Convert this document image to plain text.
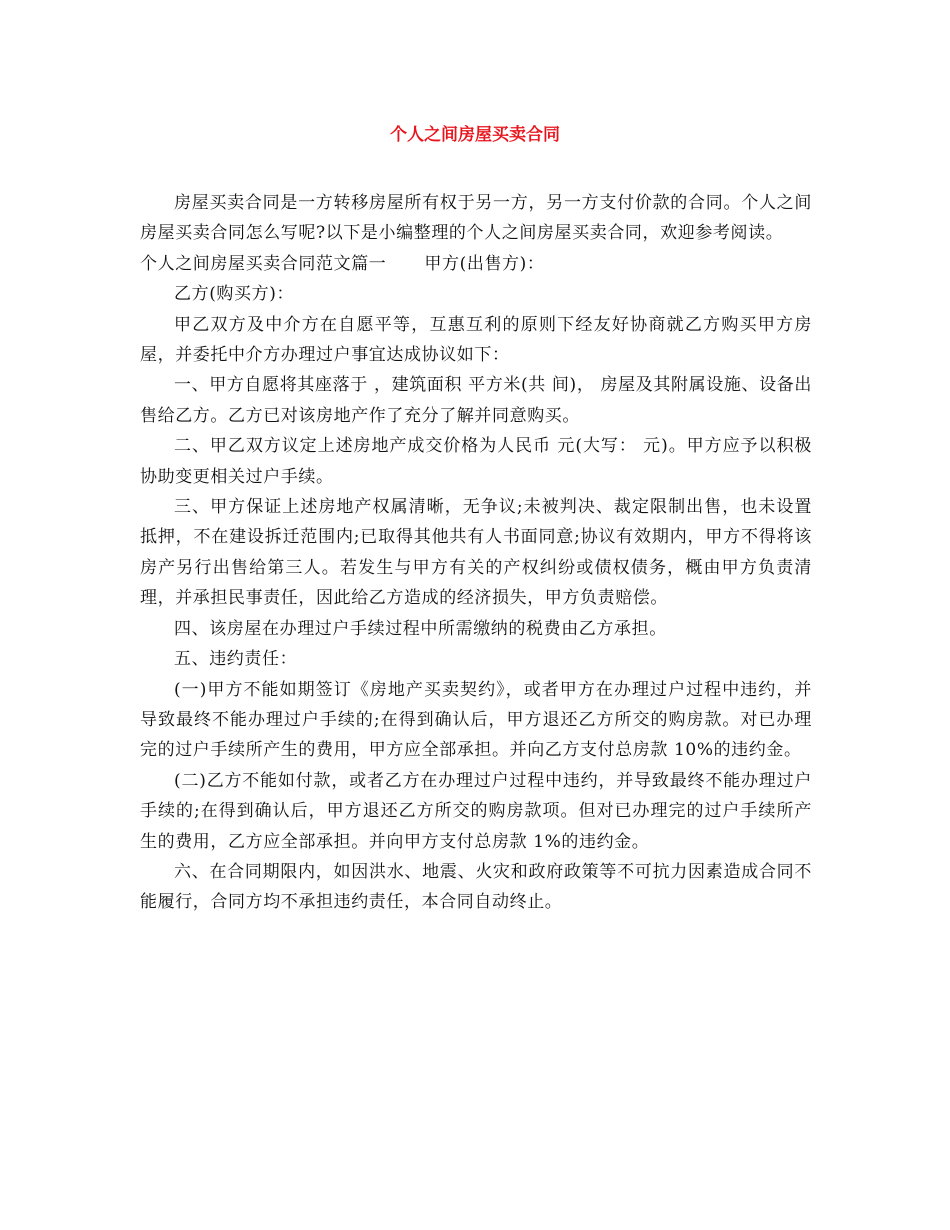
个人之间房屋买卖合同

房屋买卖合同是一方转移房屋所有权于另一方，另一方支付价款的合同。个人之间房屋买卖合同怎么写呢?以下是小编整理的个人之间房屋买卖合同，欢迎参考阅读。

个人之间房屋买卖合同范文篇一 甲方(出售方)：

乙方(购买方)：

甲乙双方及中介方在自愿平等，互惠互利的原则下经友好协商就乙方购买甲方房屋，并委托中介方办理过户事宜达成协议如下：

一、甲方自愿将其座落于 ，建筑面积 平方米(共 间)， 房屋及其附属设施、设备出售给乙方。乙方已对该房地产作了充分了解并同意购买。

二、甲乙双方议定上述房地产成交价格为人民币 元(大写： 元)。甲方应予以积极协助变更相关过户手续。

三、甲方保证上述房地产权属清晰，无争议;未被判决、裁定限制出售，也未设置抵押，不在建设拆迁范围内;已取得其他共有人书面同意;协议有效期内，甲方不得将该房产另行出售给第三人。若发生与甲方有关的产权纠纷或债权债务，概由甲方负责清理，并承担民事责任，因此给乙方造成的经济损失，甲方负责赔偿。

四、该房屋在办理过户手续过程中所需缴纳的税费由乙方承担。

五、违约责任：

(一)甲方不能如期签订《房地产买卖契约》，或者甲方在办理过户过程中违约，并导致最终不能办理过户手续的;在得到确认后，甲方退还乙方所交的购房款。对已办理完的过户手续所产生的费用，甲方应全部承担。并向乙方支付总房款 10%的违约金。

(二)乙方不能如付款，或者乙方在办理过户过程中违约，并导致最终不能办理过户手续的;在得到确认后，甲方退还乙方所交的购房款项。但对已办理完的过户手续所产生的费用，乙方应全部承担。并向甲方支付总房款 1%的违约金。

六、在合同期限内，如因洪水、地震、火灾和政府政策等不可抗力因素造成合同不能履行，合同方均不承担违约责任，本合同自动终止。
